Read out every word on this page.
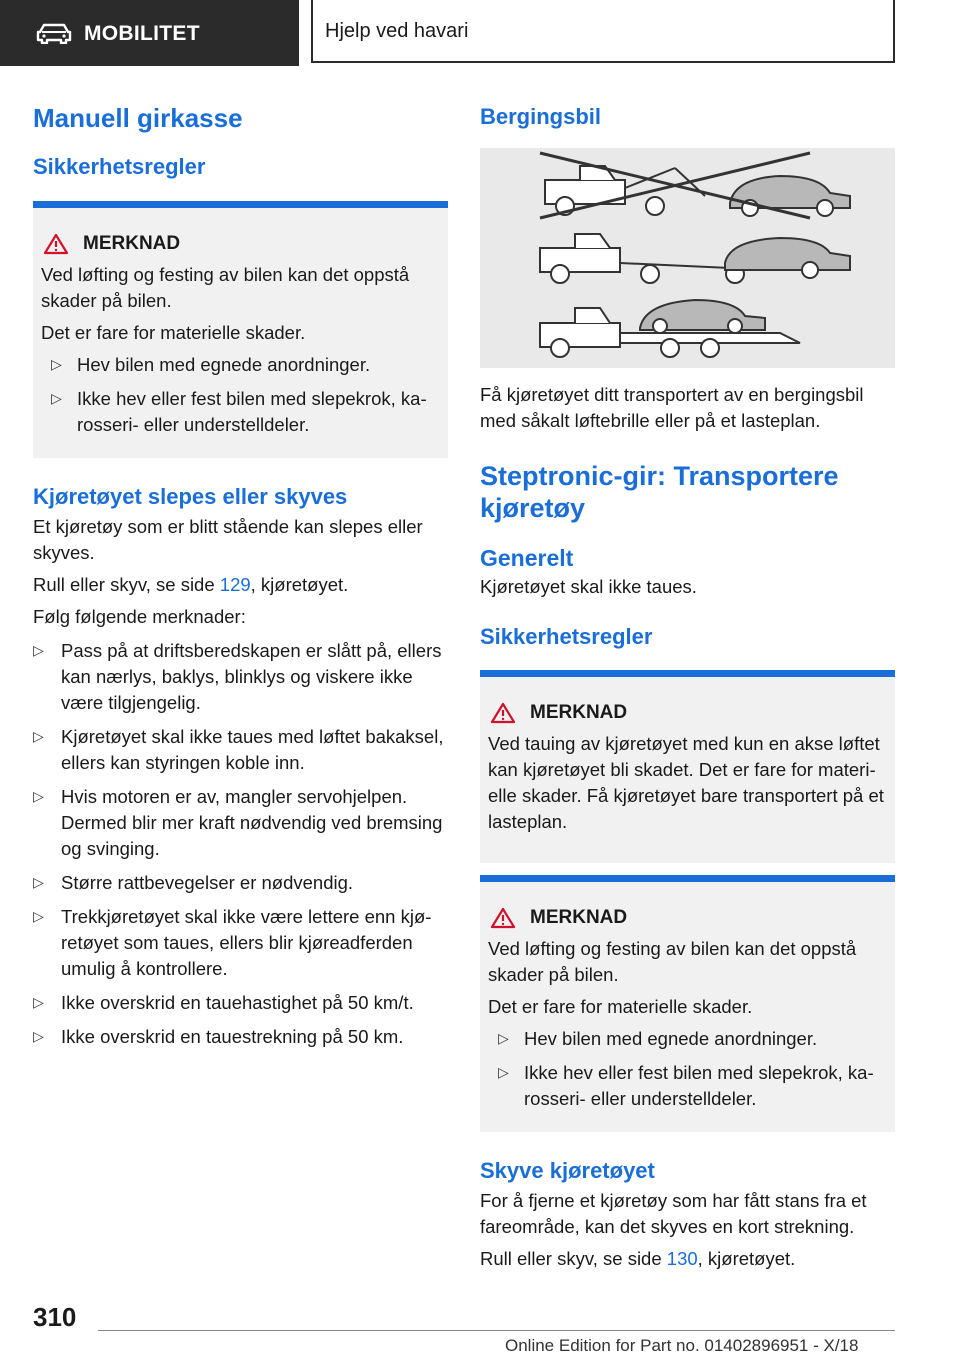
MOBILITET	Hjelp ved havari
Manuell girkasse
Sikkerhetsregler
MERKNAD

Ved løfting og festing av bilen kan det oppstå skader på bilen.

Det er fare for materielle skader.

▷ Hev bilen med egnede anordninger.
▷ Ikke hev eller fest bilen med slepekrok, karosseri- eller understelldeler.
Kjøretøyet slepes eller skyves

Et kjøretøy som er blitt stående kan slepes eller skyves.

Rull eller skyv, se side 129, kjøretøyet.

Følg følgende merknader:

▷ Pass på at driftsberedskapen er slått på, ellers kan nærlys, baklys, blinklys og viskere ikke være tilgjengelig.
▷ Kjøretøyet skal ikke taues med løftet bakaksel, ellers kan styringen koble inn.
▷ Hvis motoren er av, mangler servohjelpen. Dermed blir mer kraft nødvendig ved bremsing og svinging.
▷ Større rattbevegelser er nødvendig.
▷ Trekkjøretøyet skal ikke være lettere enn kjøretøyet som taues, ellers blir kjøreadferden umulig å kontrollere.
▷ Ikke overskrid en tauehastighet på 50 km/t.
▷ Ikke overskrid en tauestrekning på 50 km.
Bergingsbil

Få kjøretøyet ditt transportert av en bergingsbil med såkalt løftebrille eller på et lasteplan.

Steptronic-gir: Transportere kjøretøy
Generelt

Kjøretøyet skal ikke taues.

Sikkerhetsregler
MERKNAD

Ved tauing av kjøretøyet med kun en akse løftet kan kjøretøyet bli skadet. Det er fare for materielle skader. Få kjøretøyet bare transportert på et lasteplan.

MERKNAD

Ved løfting og festing av bilen kan det oppstå skader på bilen.

Det er fare for materielle skader.

▷ Hev bilen med egnede anordninger.
▷ Ikke hev eller fest bilen med slepekrok, karosseri- eller understelldeler.
Skyve kjøretøyet

For å fjerne et kjøretøy som har fått stans fra et fareområde, kan det skyves en kort strekning.

Rull eller skyv, se side 130, kjøretøyet.

310
Online Edition for Part no. 01402896951 - X/18
